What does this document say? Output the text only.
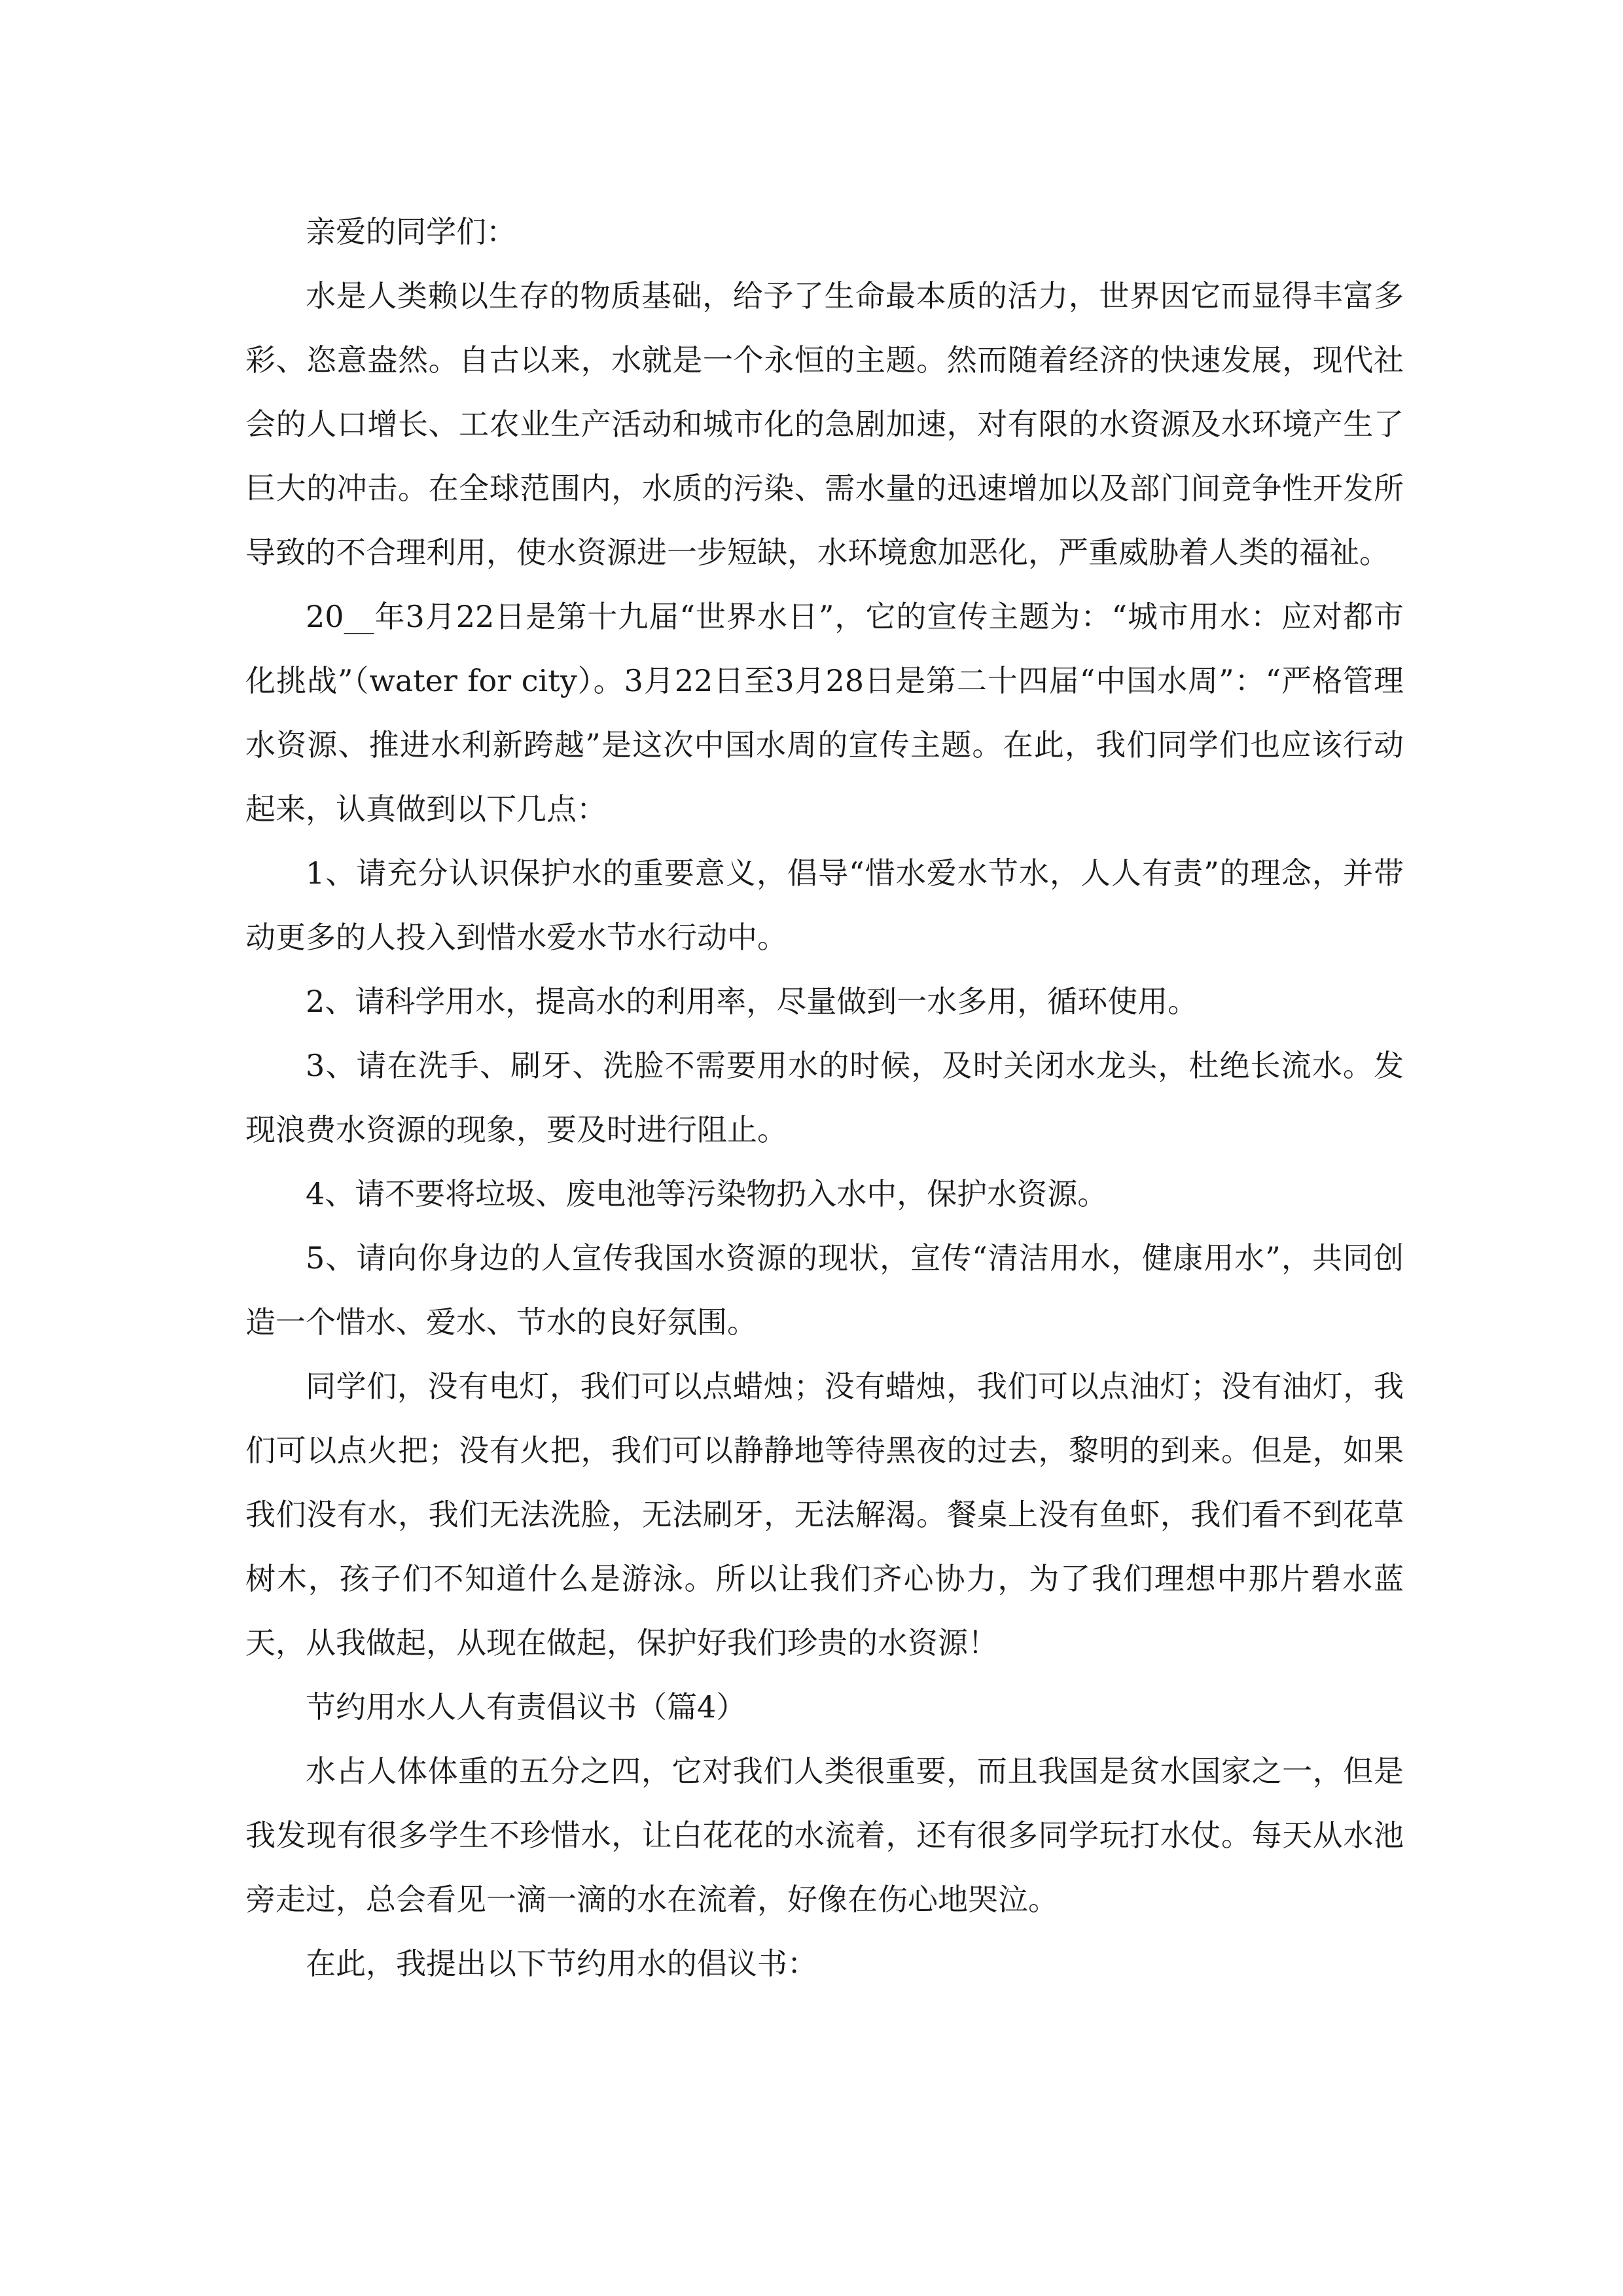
亲爱的同学们：

水是人类赖以生存的物质基础，给予了生命最本质的活力，世界因它而显得丰富多彩、恣意盎然。自古以来，水就是一个永恒的主题。然而随着经济的快速发展，现代社会的人口增长、工农业生产活动和城市化的急剧加速，对有限的水资源及水环境产生了巨大的冲击。在全球范围内，水质的污染、需水量的迅速增加以及部门间竞争性开发所导致的不合理利用，使水资源进一步短缺，水环境愈加恶化，严重威胁着人类的福祉。

20__年3月22日是第十九届“世界水日”，它的宣传主题为：“城市用水：应对都市化挑战”（water for city）。3月22日至3月28日是第二十四届“中国水周”：“严格管理水资源、推进水利新跨越”是这次中国水周的宣传主题。在此，我们同学们也应该行动起来，认真做到以下几点：

1、请充分认识保护水的重要意义，倡导“惜水爱水节水，人人有责”的理念，并带动更多的人投入到惜水爱水节水行动中。

2、请科学用水，提高水的利用率，尽量做到一水多用，循环使用。

3、请在洗手、刷牙、洗脸不需要用水的时候，及时关闭水龙头，杜绝长流水。发现浪费水资源的现象，要及时进行阻止。

4、请不要将垃圾、废电池等污染物扔入水中，保护水资源。

5、请向你身边的人宣传我国水资源的现状，宣传“清洁用水，健康用水”，共同创造一个惜水、爱水、节水的良好氛围。

同学们，没有电灯，我们可以点蜡烛；没有蜡烛，我们可以点油灯；没有油灯，我们可以点火把；没有火把，我们可以静静地等待黑夜的过去，黎明的到来。但是，如果我们没有水，我们无法洗脸，无法刷牙，无法解渴。餐桌上没有鱼虾，我们看不到花草树木，孩子们不知道什么是游泳。所以让我们齐心协力，为了我们理想中那片碧水蓝天，从我做起，从现在做起，保护好我们珍贵的水资源！

节约用水人人有责倡议书（篇4）

水占人体体重的五分之四，它对我们人类很重要，而且我国是贫水国家之一，但是我发现有很多学生不珍惜水，让白花花的水流着，还有很多同学玩打水仗。每天从水池旁走过，总会看见一滴一滴的水在流着，好像在伤心地哭泣。

在此，我提出以下节约用水的倡议书：
